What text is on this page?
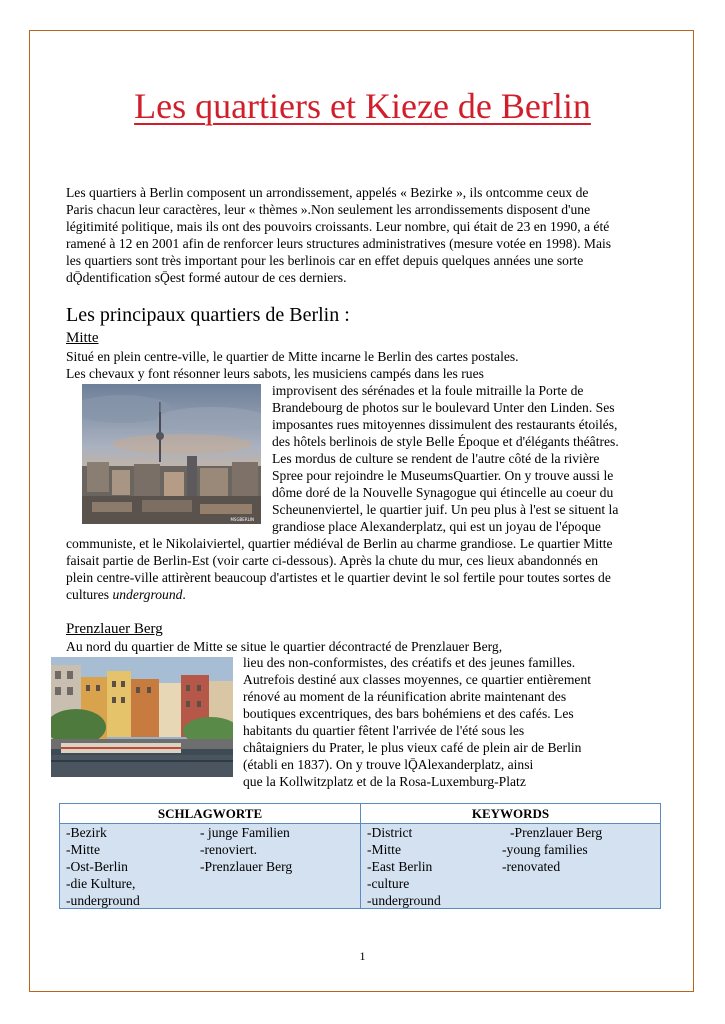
Les quartiers et Kieze de Berlin

Les quartiers à Berlin composent un arrondissement, appelés « Bezirke », ils ontcomme ceux de

Paris chacun leur caractères, leur « thèmes ».Non seulement les arrondissements disposent d'une

légitimité politique, mais ils ont des pouvoirs croissants. Leur nombre, qui était de 23 en 1990, a été

ramené à 12 en 2001 afin de renforcer leurs structures administratives (mesure votée en 1998). Mais

les quartiers sont très important pour les berlinois car en effet depuis quelques années une sorte

dǬdentification sǬest formé autour de ces derniers.

Les principaux quartiers de Berlin :
Mitte
Situé en plein centre-ville, le quartier de Mitte incarne le Berlin des cartes postales.
Les chevaux y font résonner leurs sabots, les musiciens campés dans les rues
MSGBERLIN
improvisent des sérénades et la foule mitraille la Porte de
Brandebourg de photos sur le boulevard Unter den Linden. Ses
imposantes rues mitoyennes dissimulent des restaurants étoilés,
des hôtels berlinois de style Belle Époque et d'élégants théâtres.
Les mordus de culture se rendent de l'autre côté de la rivière
Spree pour rejoindre le MuseumsQuartier. On y trouve aussi le
dôme doré de la Nouvelle Synagogue qui étincelle au coeur du
Scheunenviertel, le quartier juif. Un peu plus à l'est se situent la
grandiose place Alexanderplatz, qui est un joyau de l'époque
communiste, et le Nikolaiviertel, quartier médiéval de Berlin au charme grandiose. Le quartier Mitte
faisait partie de Berlin-Est (voir carte ci-dessous). Après la chute du mur, ces lieux abandonnés en
plein centre-ville attirèrent beaucoup d'artistes et le quartier devint le sol fertile pour toutes sortes de
cultures underground.
Prenzlauer Berg
Au nord du quartier de Mitte se situe le quartier décontracté de Prenzlauer Berg,
lieu des non-conformistes, des créatifs et des jeunes familles.
Autrefois destiné aux classes moyennes, ce quartier entièrement
rénové au moment de la réunification abrite maintenant des
boutiques excentriques, des bars bohémiens et des cafés. Les
habitants du quartier fêtent l'arrivée de l'été sous les
châtaigniers du Prater, le plus vieux café de plein air de Berlin
(établi en 1837). On y trouve lǬAlexanderplatz, ainsi
que la Kollwitzplatz et de la Rosa-Luxemburg-Platz
SCHLAGWORTE	KEYWORDS
-Bezirk
-Mitte
-Ost-Berlin
-die Kulture,
-underground
- junge Familien
-renoviert.
-Prenzlauer Berg
-District
-Mitte
-East Berlin
-culture
-underground
-Prenzlauer Berg
-young families
-renovated
1
